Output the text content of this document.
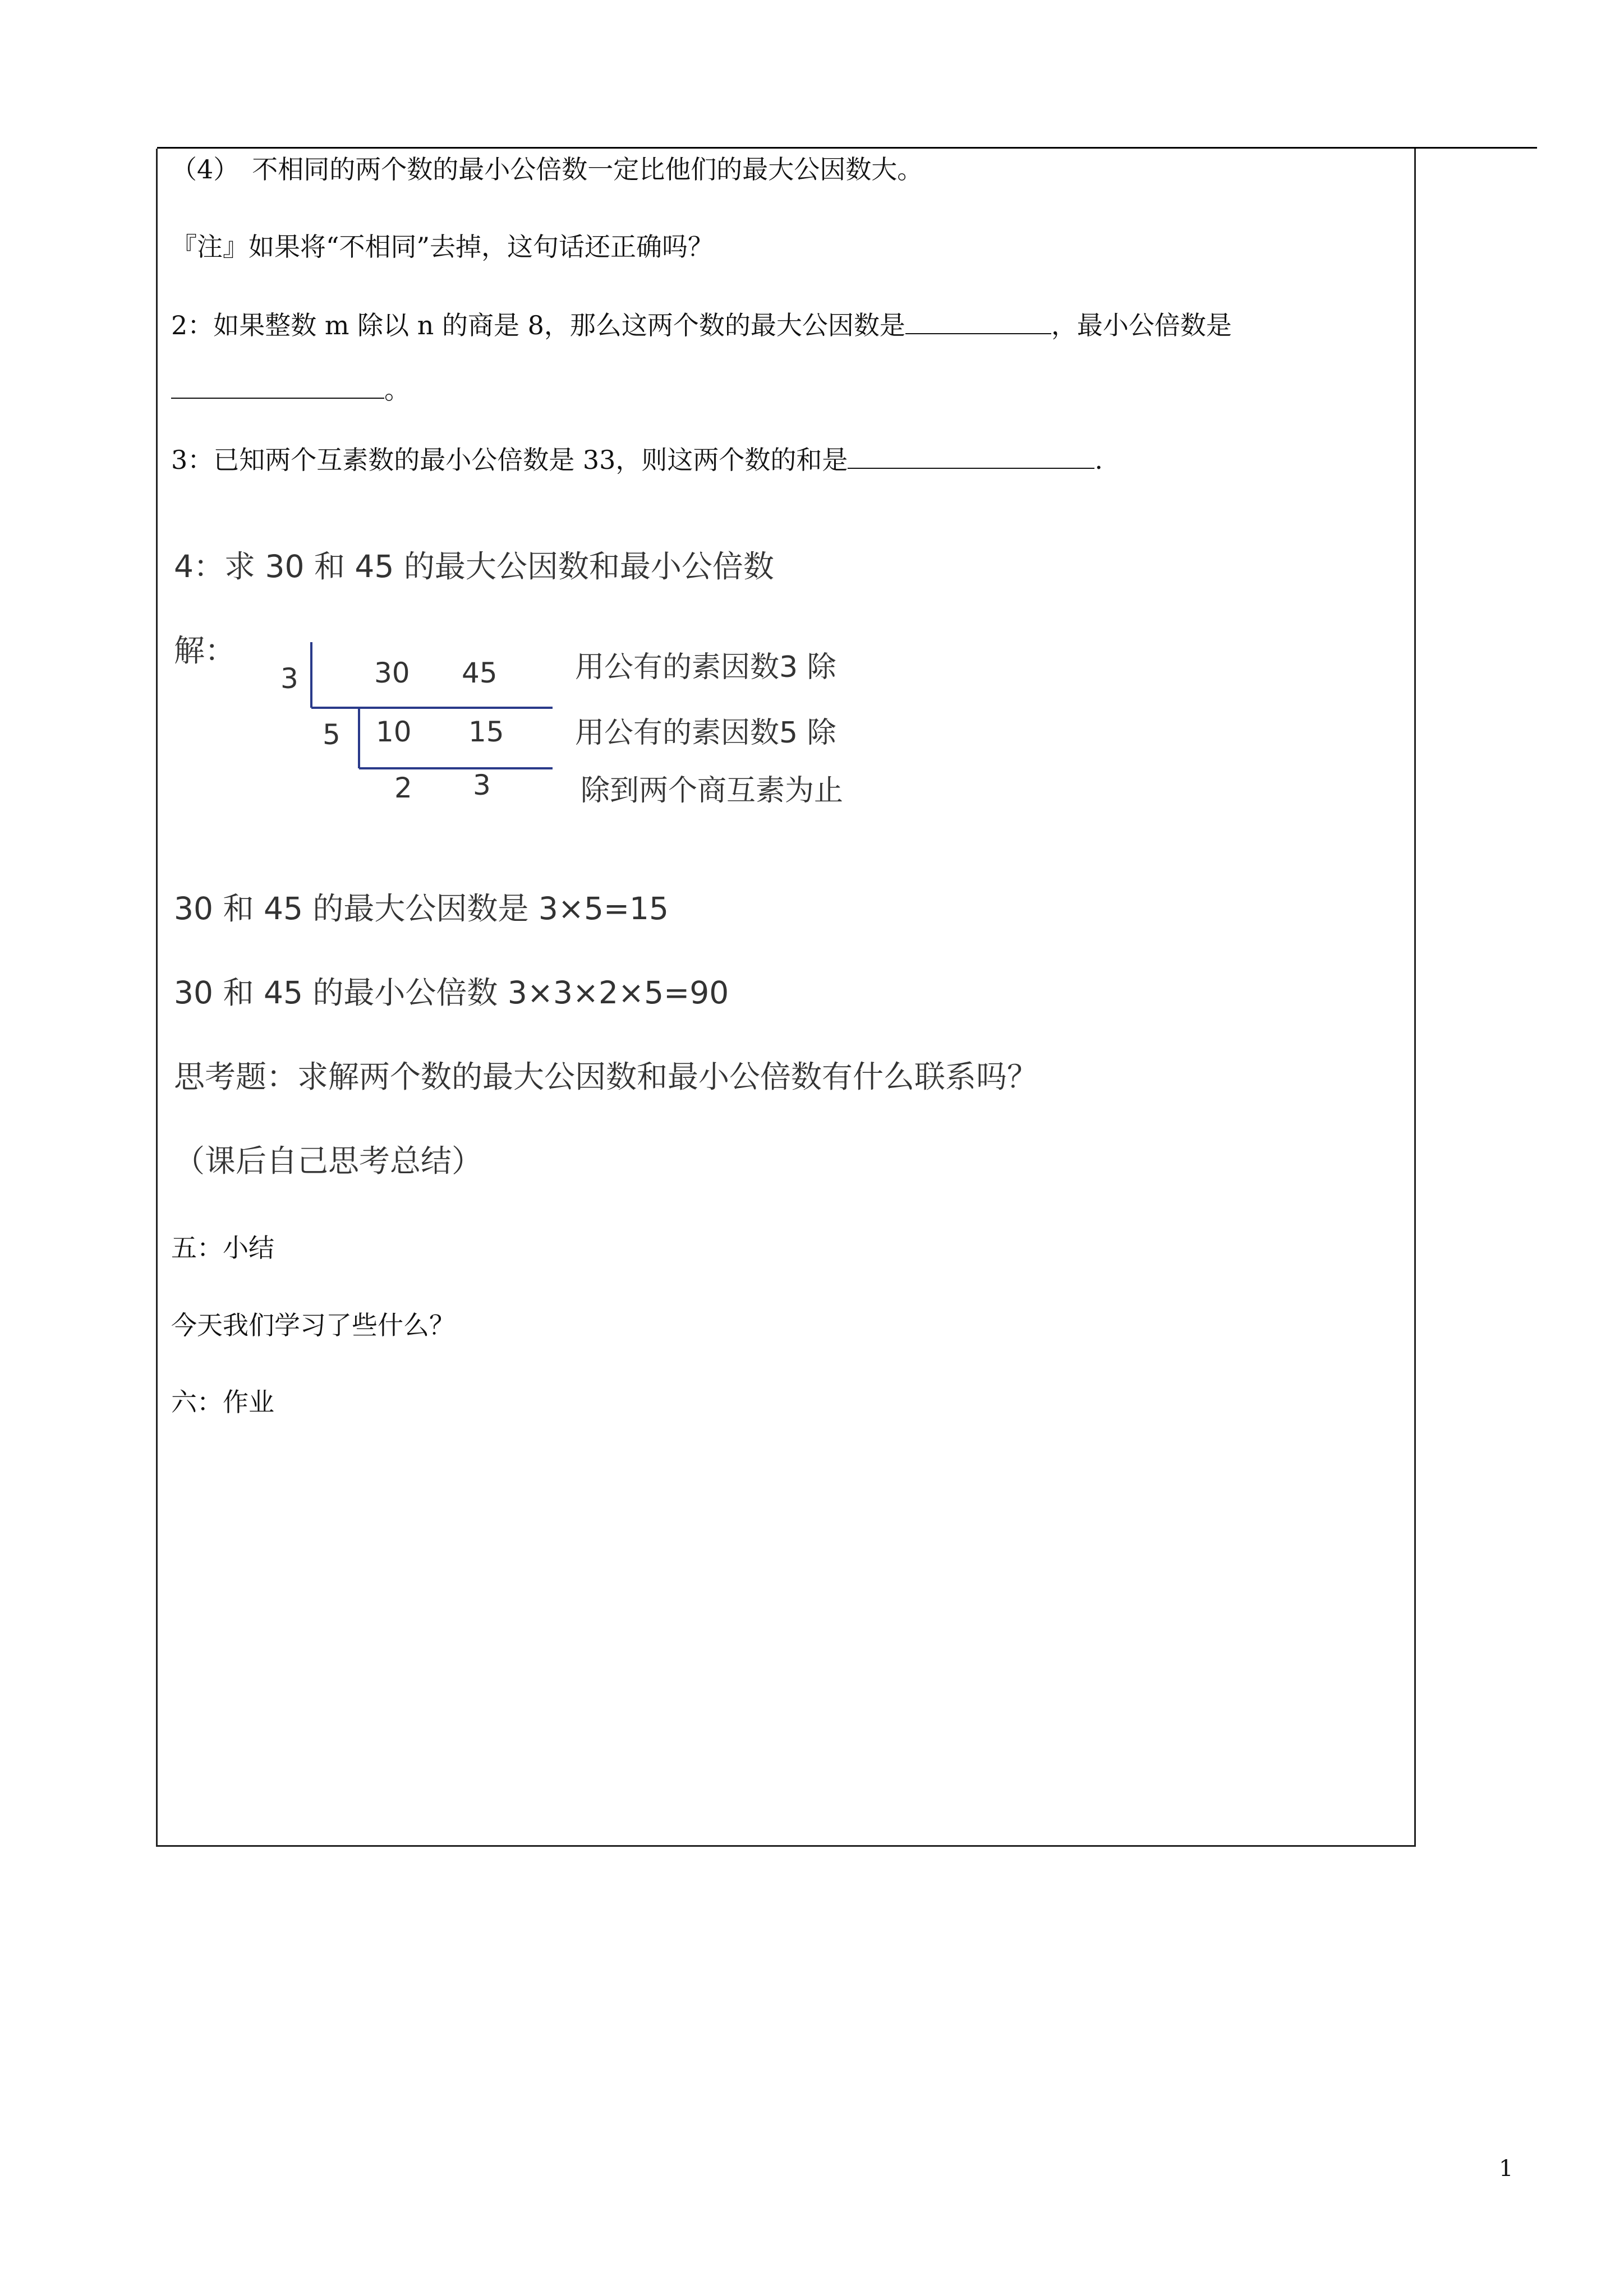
（4）　不相同的两个数的最小公倍数一定比他们的最大公因数大。
『注』如果将“不相同”去掉，这句话还正确吗？
2：如果整数 m 除以 n 的商是 8，那么这两个数的最大公因数是	，最小公倍数是
。
3：已知两个互素数的最小公倍数是 33，则这两个数的和是	.
4：求 30 和 45 的最大公因数和最小公倍数
解：
3	30 45
5 10 15
2 3
用公有的素因数3 除
用公有的素因数5 除
除到两个商互素为止
30 和 45 的最大公因数是 3×5=15
30 和 45 的最小公倍数 3×3×2×5=90
思考题：求解两个数的最大公因数和最小公倍数有什么联系吗？
（课后自己思考总结）
五：小结
今天我们学习了些什么？
六：作业
1
